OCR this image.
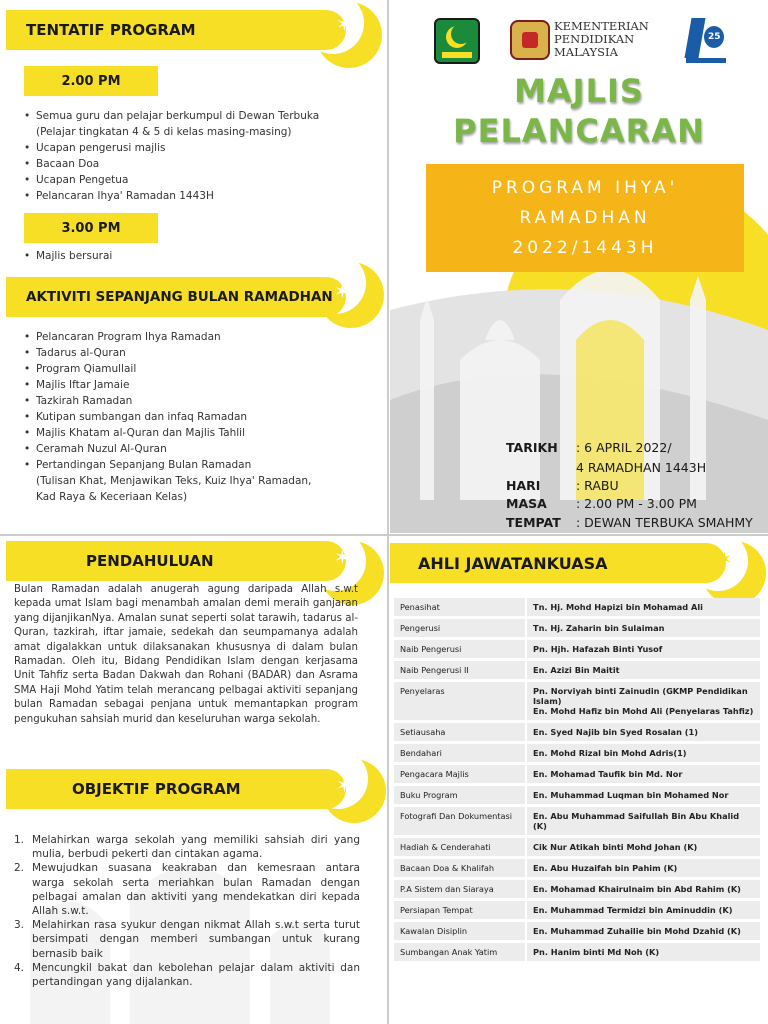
TENTATIF PROGRAM	✶
2.00 PM
• Semua guru dan pelajar berkumpul di Dewan Terbuka
(Pelajar tingkatan 4 & 5 di kelas masing-masing)
• Ucapan pengerusi majlis
• Bacaan Doa
• Ucapan Pengetua
• Pelancaran Ihya' Ramadan 1443H
3.00 PM
• Majlis bersurai
AKTIVITI SEPANJANG BULAN RAMADHAN ✶
• Pelancaran Program Ihya Ramadan
• Tadarus al-Quran
• Program Qiamullail
• Majlis Iftar Jamaie
• Tazkirah Ramadan
• Kutipan sumbangan dan infaq Ramadan
• Majlis Khatam al-Quran dan Majlis Tahlil
• Ceramah Nuzul Al-Quran
• Pertandingan Sepanjang Bulan Ramadan
(Tulisan Khat, Menjawikan Teks, Kuiz Ihya' Ramadan,
Kad Raya & Keceriaan Kelas)
KEMENTERIAN
PENDIDIKAN
MALAYSIA
25
MAJLIS
PELANCARAN
PROGRAM IHYA'
RAMADHAN
2022/1443H
TARIKH	: 6 APRIL 2022/
4 RAMADHAN 1443H
HARI	: RABU
MASA	: 2.00 PM - 3.00 PM
TEMPAT	: DEWAN TERBUKA SMAHMY
PENDAHULUAN	✶

Bulan Ramadan adalah anugerah agung daripada Allah s.w.t kepada umat Islam bagi menambah amalan demi meraih ganjaran yang dijanjikanNya. Amalan sunat seperti solat tarawih, tadarus al-Quran, tazkirah, iftar jamaie, sedekah dan seumpamanya adalah amat digalakkan untuk dilaksanakan khususnya di dalam bulan Ramadan. Oleh itu, Bidang Pendidikan Islam dengan kerjasama Unit Tahfiz serta Badan Dakwah dan Rohani (BADAR) dan Asrama SMA Haji Mohd Yatim telah merancang pelbagai aktiviti sepanjang bulan Ramadan sebagai penjana untuk memantapkan program pengukuhan sahsiah murid dan keseluruhan warga sekolah.

OBJEKTIF PROGRAM	✶
1. Melahirkan warga sekolah yang memiliki sahsiah diri yang mulia, berbudi pekerti dan cintakan agama.
2. Mewujudkan suasana keakraban dan kemesraan antara warga sekolah serta meriahkan bulan Ramadan dengan pelbagai amalan dan aktiviti yang mendekatkan diri kepada Allah s.w.t.
3. Melahirkan rasa syukur dengan nikmat Allah s.w.t serta turut bersimpati dengan memberi sumbangan untuk kurang bernasib baik
4. Mencungkil bakat dan kebolehan pelajar dalam aktiviti dan pertandingan yang dijalankan.
AHLI JAWATANKUASA	✶
Penasihat	Tn. Hj. Mohd Hapizi bin Mohamad Ali
Pengerusi	Tn. Hj. Zaharin bin Sulaiman
Naib Pengerusi	Pn. Hjh. Hafazah Binti Yusof
Naib Pengerusi II	En. Azizi Bin Maitit
Penyelaras	Pn. Norviyah binti Zainudin (GKMP Pendidikan Islam)
En. Mohd Hafiz bin Mohd Ali (Penyelaras Tahfiz)
Setiausaha	En. Syed Najib bin Syed Rosalan (1)
Bendahari	En. Mohd Rizal bin Mohd Adris(1)
Pengacara Majlis	En. Mohamad Taufik bin Md. Nor
Buku Program	En. Muhammad Luqman bin Mohamed Nor
Fotografi Dan Dokumentasi	En. Abu Muhammad Saifullah Bin Abu Khalid (K)
Hadiah & Cenderahati	Cik Nur Atikah binti Mohd Johan (K)
Bacaan Doa & Khalifah	En. Abu Huzaifah bin Pahim (K)
P.A Sistem dan Siaraya	En. Mohamad Khairulnaim bin Abd Rahim (K)
Persiapan Tempat	En. Muhammad Termidzi bin Aminuddin (K)
Kawalan Disiplin	En. Muhammad Zuhailie bin Mohd Dzahid (K)
Sumbangan Anak Yatim	Pn. Hanim binti Md Noh (K)
